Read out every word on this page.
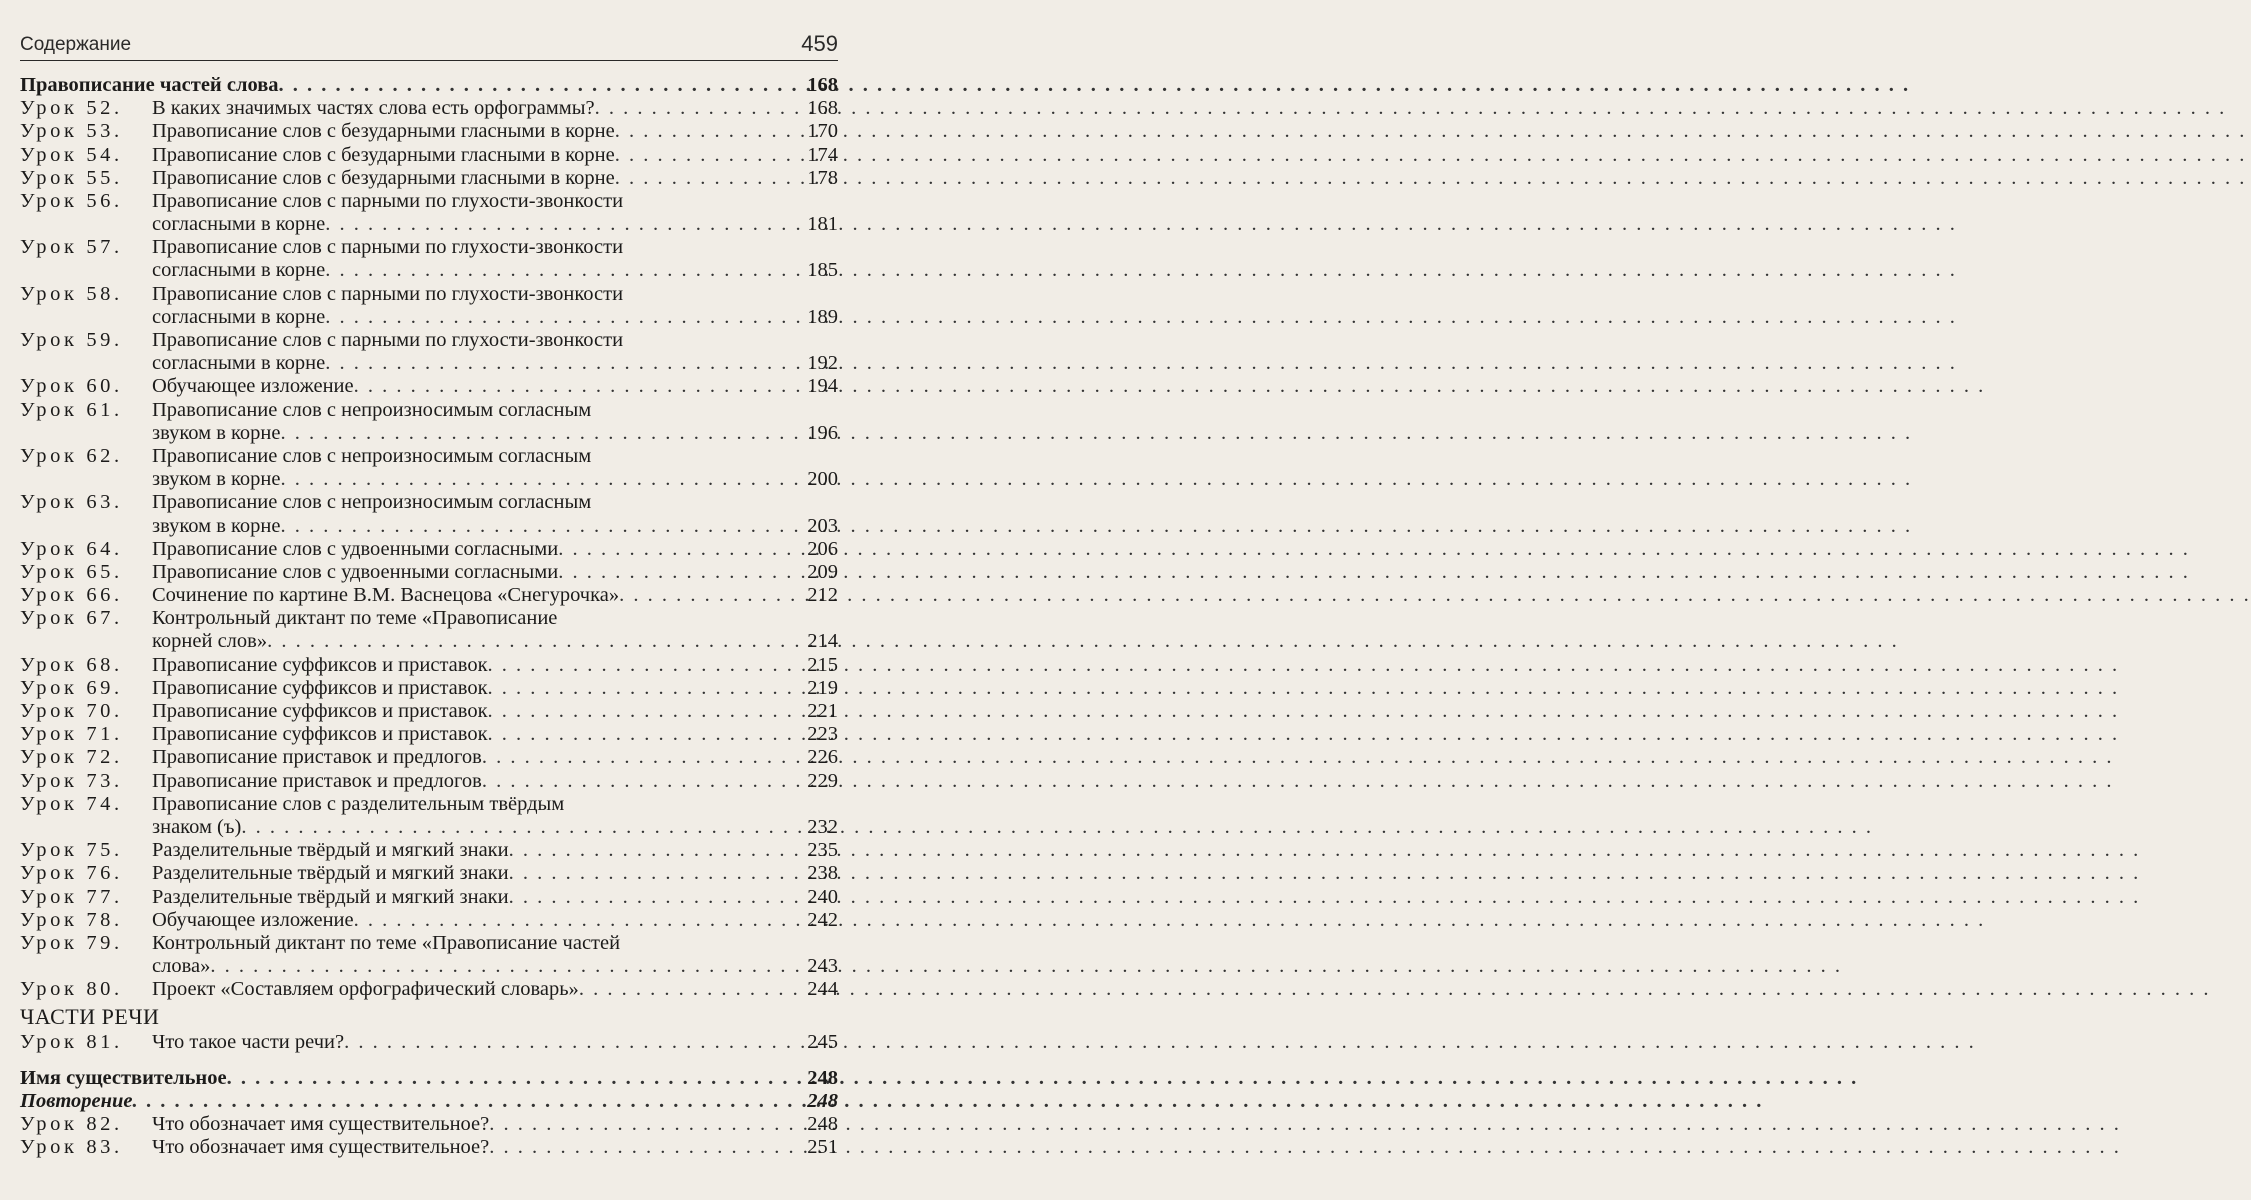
Содержание	459
Правописание частей слова . . .	168
Урок 52.	В каких значимых частях слова есть орфограммы? . . .	168
Урок 53.	Правописание слов с безударными гласными в корне . . .	170
Урок 54.	Правописание слов с безударными гласными в корне . . .	174
Урок 55.	Правописание слов с безударными гласными в корне . . .	178
Урок 56.	Правописание слов с парными по глухости-звонкости
согласными в корне . . .	181
Урок 57.	Правописание слов с парными по глухости-звонкости
согласными в корне . . .	185
Урок 58.	Правописание слов с парными по глухости-звонкости
согласными в корне . . .	189
Урок 59.	Правописание слов с парными по глухости-звонкости
согласными в корне . . .	192
Урок 60.	Обучающее изложение . . .	194
Урок 61.	Правописание слов с непроизносимым согласным
звуком в корне . . .	196
Урок 62.	Правописание слов с непроизносимым согласным
звуком в корне . . .	200
Урок 63.	Правописание слов с непроизносимым согласным
звуком в корне . . .	203
Урок 64.	Правописание слов с удвоенными согласными . . .	206
Урок 65.	Правописание слов с удвоенными согласными . . .	209
Урок 66.	Сочинение по картине В.М. Васнецова «Снегурочка» . . .	212
Урок 67.	Контрольный диктант по теме «Правописание
корней слов» . . .	214
Урок 68.	Правописание суффиксов и приставок . . .	215
Урок 69.	Правописание суффиксов и приставок . . .	219
Урок 70.	Правописание суффиксов и приставок . . .	221
Урок 71.	Правописание суффиксов и приставок . . .	223
Урок 72.	Правописание приставок и предлогов . . .	226
Урок 73.	Правописание приставок и предлогов . . .	229
Урок 74.	Правописание слов с разделительным твёрдым
знаком (ъ) . . .	232
Урок 75.	Разделительные твёрдый и мягкий знаки . . .	235
Урок 76.	Разделительные твёрдый и мягкий знаки . . .	238
Урок 77.	Разделительные твёрдый и мягкий знаки . . .	240
Урок 78.	Обучающее изложение . . .	242
Урок 79.	Контрольный диктант по теме «Правописание частей
слова» . . .	243
Урок 80.	Проект «Составляем орфографический словарь» . . .	244
ЧАСТИ РЕЧИ
Урок 81.	Что такое части речи? . . .	245
Имя существительное . . .	248
Повторение . . .	248
Урок 82.	Что обозначает имя существительное? . . .	248
Урок 83.	Что обозначает имя существительное? . . .	251
